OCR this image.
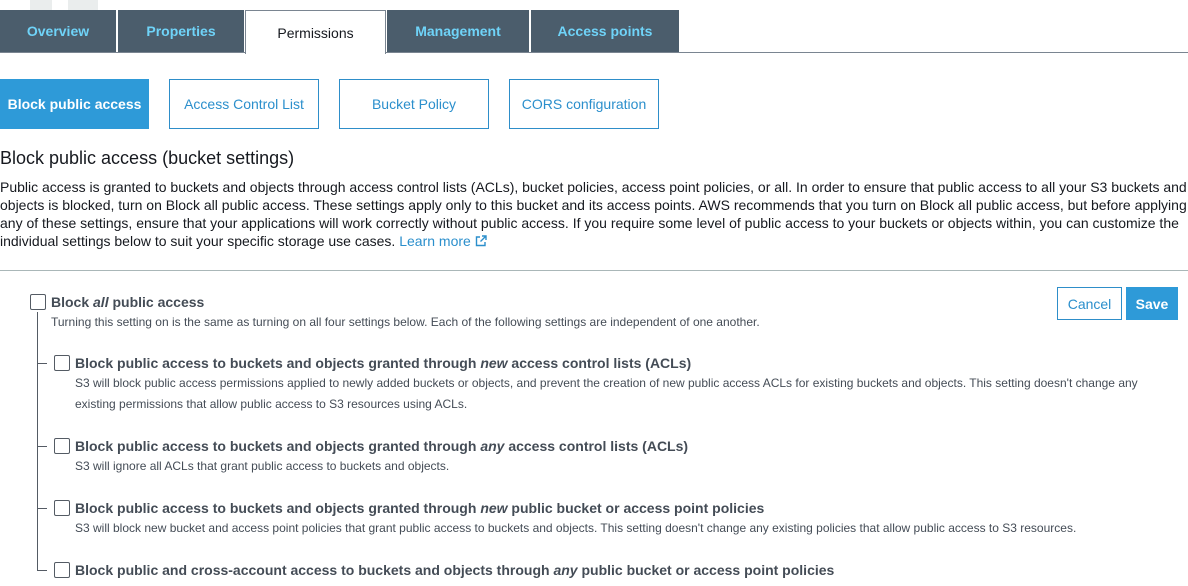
Overview	Properties	Permissions	Management	Access points
Block public access	Access Control List	Bucket Policy	CORS configuration
Block public access (bucket settings)
Public access is granted to buckets and objects through access control lists (ACLs), bucket policies, access point policies, or all. In order to ensure that public access to all your S3 buckets and objects is blocked, turn on Block all public access. These settings apply only to this bucket and its access points. AWS recommends that you turn on Block all public access, but before applying any of these settings, ensure that your applications will work correctly without public access. If you require some level of public access to your buckets or objects within, you can customize the individual settings below to suit your specific storage use cases. Learn more
Block all public access
Turning this setting on is the same as turning on all four settings below. Each of the following settings are independent of one another.
Cancel	Save
Block public access to buckets and objects granted through new access control lists (ACLs)
S3 will block public access permissions applied to newly added buckets or objects, and prevent the creation of new public access ACLs for existing buckets and objects. This setting doesn't change any
existing permissions that allow public access to S3 resources using ACLs.
Block public access to buckets and objects granted through any access control lists (ACLs)
S3 will ignore all ACLs that grant public access to buckets and objects.
Block public access to buckets and objects granted through new public bucket or access point policies
S3 will block new bucket and access point policies that grant public access to buckets and objects. This setting doesn't change any existing policies that allow public access to S3 resources.
Block public and cross-account access to buckets and objects through any public bucket or access point policies
